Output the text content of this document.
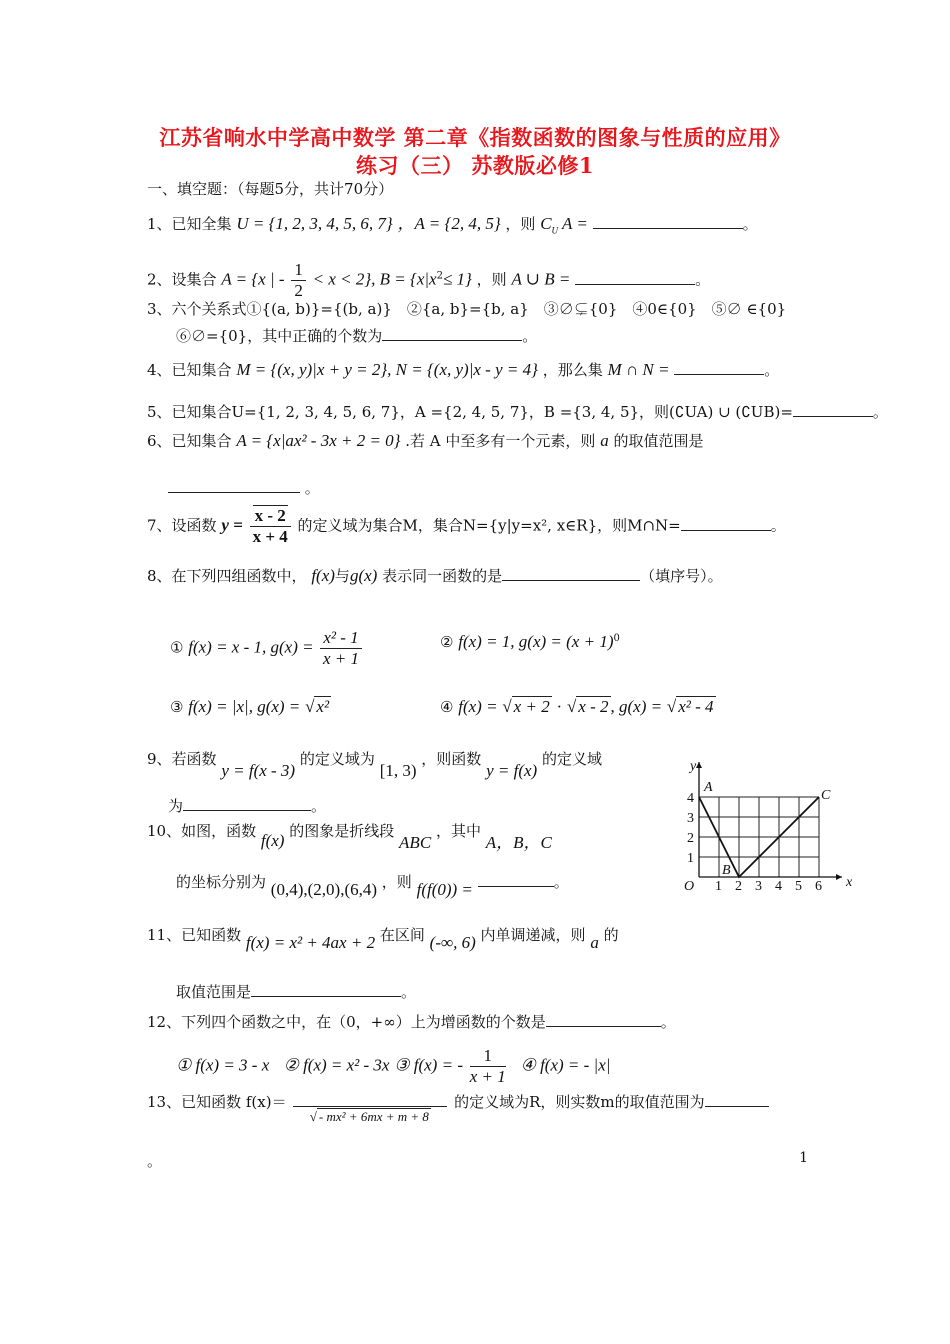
江苏省响水中学高中数学 第二章《指数函数的图象与性质的应用》
练习（三） 苏教版必修1
一、填空题：（每题5分，共计70分）
1、已知全集 U = {1, 2, 3, 4, 5, 6, 7} ，A = {2, 4, 5} ，则 $C_U$ A =	。
2、设集合 A = {x | - $\frac{1}{2} < x < 2$}, $B = \{x|x^2\le 1\}$ ，则 A ∪ B =	。
3、六个关系式①{(a, b)}={(b, a)}　②{a, b}={b, a}　③∅⊊{0}　④0∈{0}　⑤∅ ∈{0}
⑥∅={0}，其中正确的个数为	。
4、已知集合 M = {(x, y)|x + y = 2}, N = {(x, y)|x - y = 4} ，那么集 M ∩ N =	。
5、已知集合U={1, 2, 3, 4, 5, 6, 7}，A ={2, 4, 5, 7}，B ={3, 4, 5}，则(∁UA) ∪ (∁UB)=	。
6、已知集合 A = {x|ax² - 3x + 2 = 0} .若 A 中至多有一个元素，则 a 的取值范围是
。
7、设函数 $y = \frac{x - 2}{x + 4}$ 的定义域为集合M，集合N={y|y=x², x∈R}，则M∩N=	。
8、在下列四组函数中， f(x)与g(x) 表示同一函数的是	（填序号）。
① f(x) = x - 1, $g(x) = \frac{\text{x² - 1}}{x + 1}$	② f(x) = 1, $g(x) = (x + 1)^0$
③ f(x) = |x|, g(x) = √ x²	④ f(x) = √ x + 2 · √ x - 2 , g(x) = √ x² - 4
9、若函数 y = f(x - 3) 的定义域为 [1, 3) ，则函数 y = f(x) 的定义域
为	。
10、如图，函数 f(x) 的图象是折线段 ABC ，其中 A，B，C
的坐标分别为 (0,4),(2,0),(6,4) ，则 f(f(0)) =	。
y
x
O
A
B
C
1
2
3
4
1 2 3 4 5 6
11、已知函数 f(x) = x² + 4ax + 2 在区间 (-∞, 6) 内单调递减，则 a 的
取值范围是	。
12、下列四个函数之中，在（0，+∞）上为增函数的个数是	。
① f(x) = 3 - x ② f(x) = x² - 3x ③ f(x) = - $\frac{1}{x + 1}$ ④ f(x) = - |x|
13、已知函数 f(x)＝
√ - mx² + 6mx + m + 8
的定义域为R，则实数m的取值范围为
。	1
